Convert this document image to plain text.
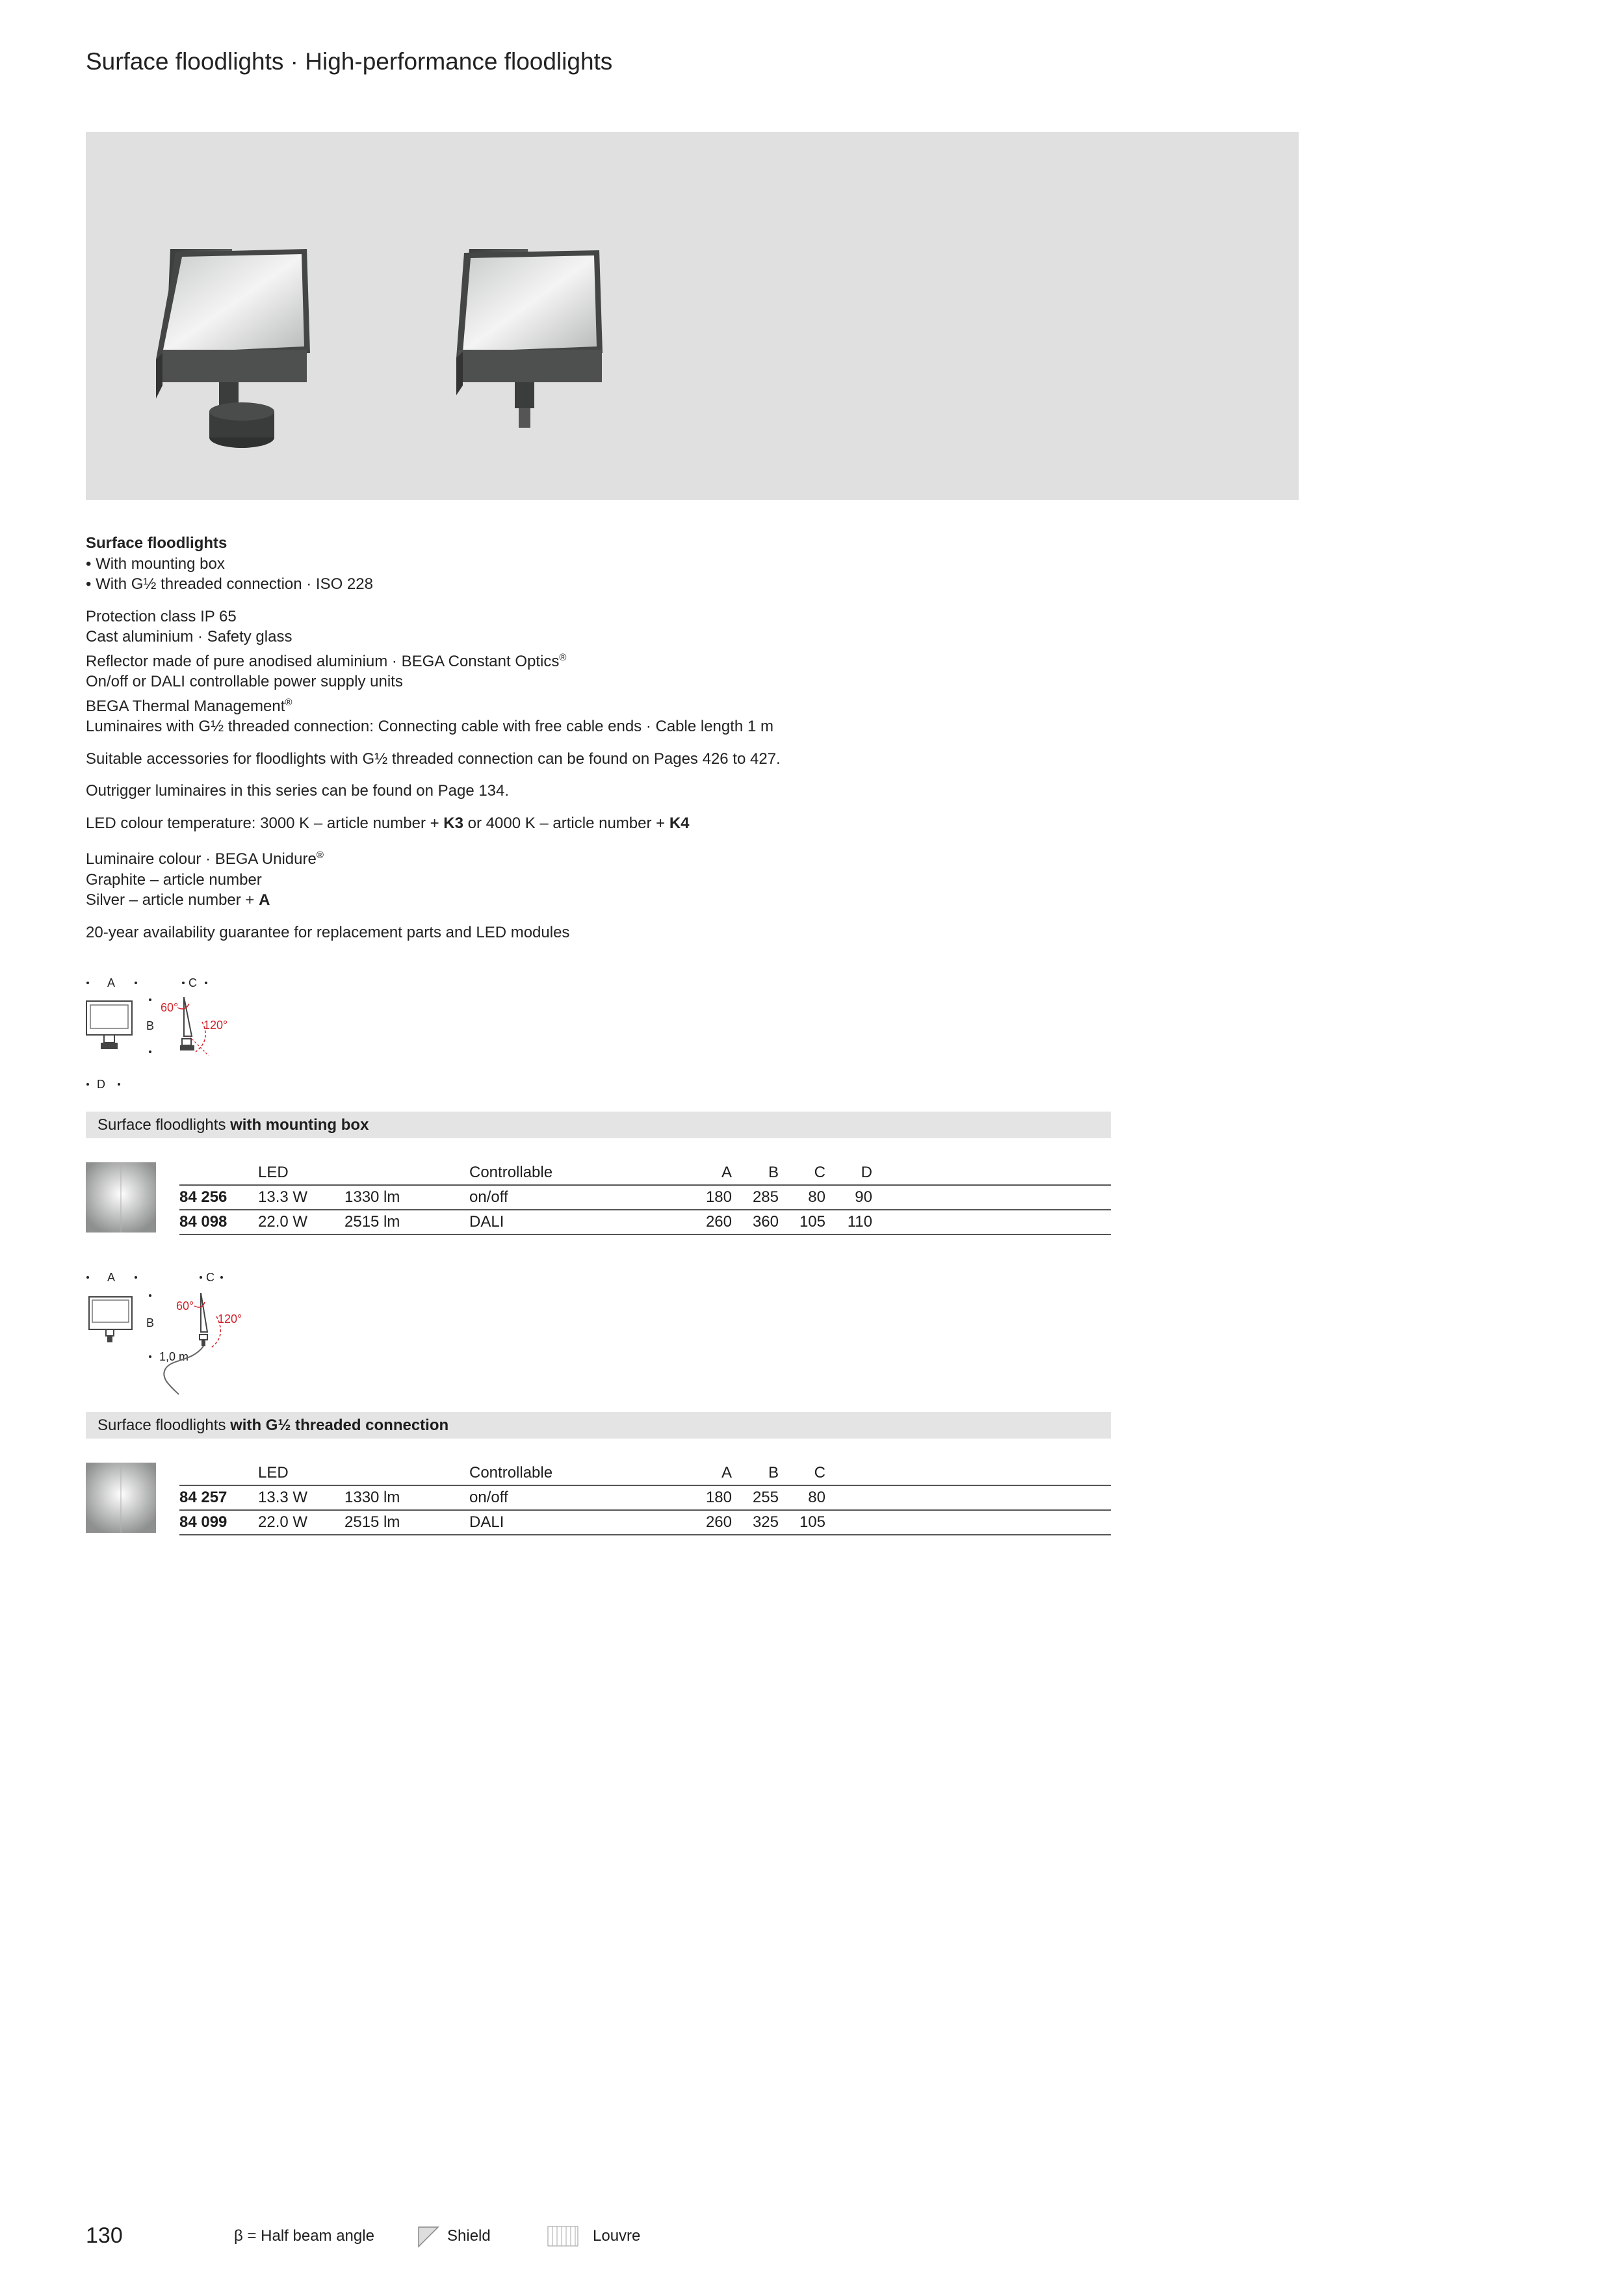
Surface floodlights · High-performance floodlights

Surface floodlights
• With mounting box
• With G½ threaded connection · ISO 228

Protection class IP 65
Cast aluminium · Safety glass
Reflector made of pure anodised aluminium · BEGA Constant Optics®
On/off or DALI controllable power supply units
BEGA Thermal Management®
Luminaires with G½ threaded connection: Connecting cable with free cable ends · Cable length 1 m

Suitable accessories for floodlights with G½ threaded connection can be found on Pages 426 to 427.

Outrigger luminaires in this series can be found on Page 134.

LED colour temperature: 3000 K – article number + K3 or 4000 K – article number + K4

Luminaire colour · BEGA Unidure®
Graphite – article number
Silver – article number + A

20-year availability guarantee for replacement parts and LED modules

A	C
B
60°
120°
D
Surface floodlights with mounting box
LED	Controllable	A	B	C	D
84 256 13.3 W 1330 lm	on/off	180	285	80	90
84 098 22.0 W 2515 lm	DALI	260	360	105	110
A	C
B
1,0 m
60°
120°
Surface floodlights with G½ threaded connection
LED	Controllable	A	B	C
84 257 13.3 W 1330 lm	on/off	180	255	80
84 099 22.0 W 2515 lm	DALI	260	325	105
130	β = Half beam angle	Shield	Louvre
